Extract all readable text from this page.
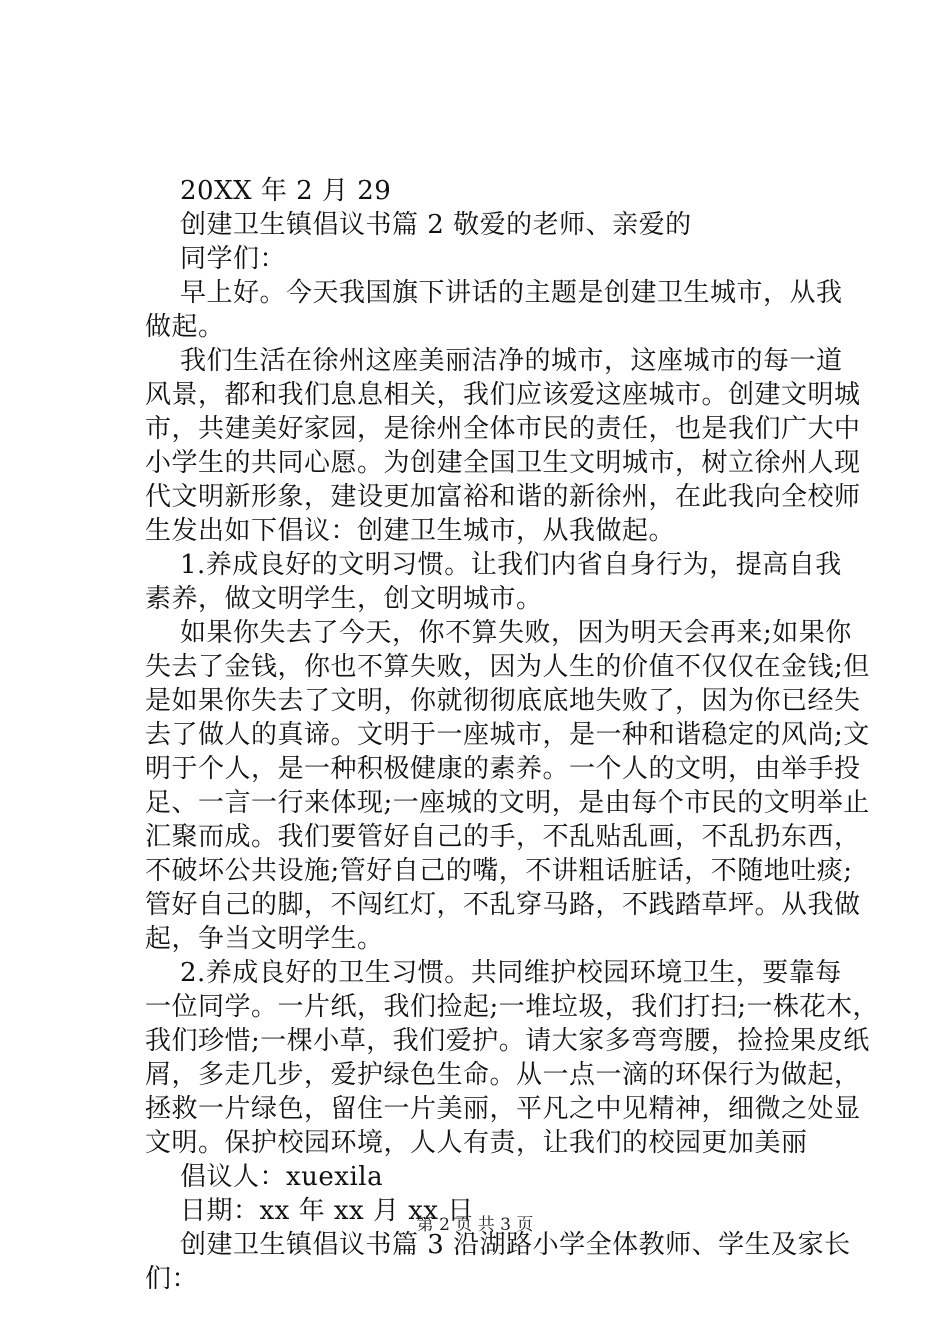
20XX 年 2 月 29
创建卫生镇倡议书篇 2 敬爱的老师、亲爱的
同学们：
早上好。今天我国旗下讲话的主题是创建卫生城市，从我
做起。
我们生活在徐州这座美丽洁净的城市，这座城市的每一道
风景，都和我们息息相关，我们应该爱这座城市。创建文明城
市，共建美好家园，是徐州全体市民的责任，也是我们广大中
小学生的共同心愿。为创建全国卫生文明城市，树立徐州人现
代文明新形象，建设更加富裕和谐的新徐州，在此我向全校师
生发出如下倡议：创建卫生城市，从我做起。
1.养成良好的文明习惯。让我们内省自身行为，提高自我
素养，做文明学生，创文明城市。
如果你失去了今天，你不算失败，因为明天会再来;如果你
失去了金钱，你也不算失败，因为人生的价值不仅仅在金钱;但
是如果你失去了文明，你就彻彻底底地失败了，因为你已经失
去了做人的真谛。文明于一座城市，是一种和谐稳定的风尚;文
明于个人，是一种积极健康的素养。一个人的文明，由举手投
足、一言一行来体现;一座城的文明，是由每个市民的文明举止
汇聚而成。我们要管好自己的手，不乱贴乱画，不乱扔东西，
不破坏公共设施;管好自己的嘴，不讲粗话脏话，不随地吐痰;
管好自己的脚，不闯红灯，不乱穿马路，不践踏草坪。从我做
起，争当文明学生。
2.养成良好的卫生习惯。共同维护校园环境卫生，要靠每
一位同学。一片纸，我们捡起;一堆垃圾，我们打扫;一株花木，
我们珍惜;一棵小草，我们爱护。请大家多弯弯腰，捡捡果皮纸
屑，多走几步，爱护绿色生命。从一点一滴的环保行为做起，
拯救一片绿色，留住一片美丽，平凡之中见精神，细微之处显
文明。保护校园环境，人人有责，让我们的校园更加美丽
倡议人：xuexila
日期：xx 年 xx 月 xx 日
创建卫生镇倡议书篇 3 沿湖路小学全体教师、学生及家长
们：
第 2 页 共 3 页
